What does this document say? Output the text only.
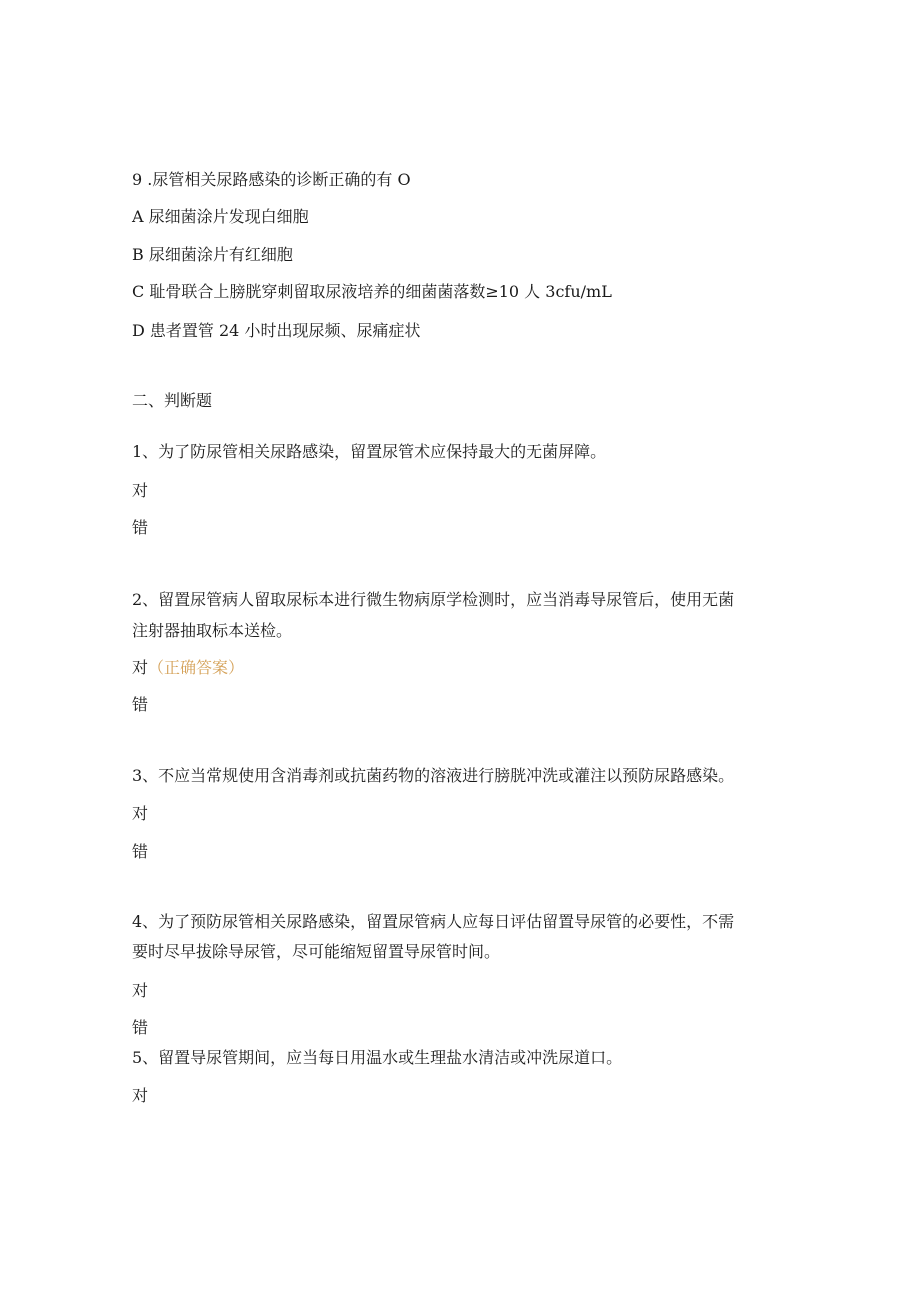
9 .尿管相关尿路感染的诊断正确的有 O
A 尿细菌涂片发现白细胞
B 尿细菌涂片有红细胞
C 耻骨联合上膀胱穿刺留取尿液培养的细菌菌落数≥10 人 3cfu/mL
D 患者置管 24 小时出现尿频、尿痛症状
二、判断题
1、为了防尿管相关尿路感染，留置尿管术应保持最大的无菌屏障。
对
错
2、留置尿管病人留取尿标本进行微生物病原学检测时，应当消毒导尿管后，使用无菌
注射器抽取标本送检。
对（正确答案）
错
3、不应当常规使用含消毒剂或抗菌药物的溶液进行膀胱冲洗或灌注以预防尿路感染。
对
错
4、为了预防尿管相关尿路感染，留置尿管病人应每日评估留置导尿管的必要性，不需
要时尽早拔除导尿管，尽可能缩短留置导尿管时间。
对
错
5、留置导尿管期间，应当每日用温水或生理盐水清洁或冲洗尿道口。
对
